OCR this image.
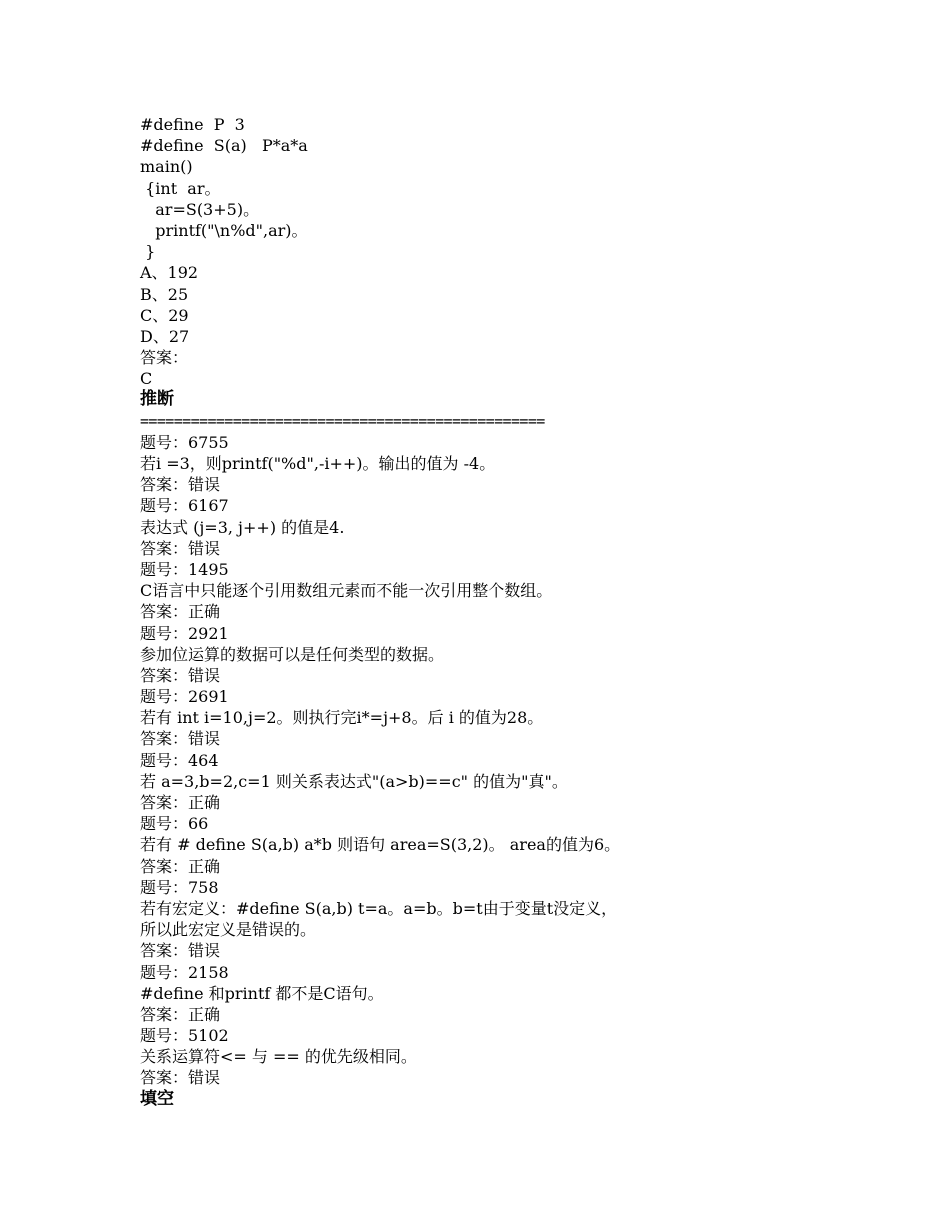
#define  P  3
#define  S(a)   P*a*a
main()
{int  ar。
ar=S(3+5)。
printf("\n%d",ar)。
}
A、192
B、25
C、29
D、27
答案：
C
推断
================================================
题号：6755
若i =3，则printf("%d",-i++)。输出的值为 -4。
答案：错误
题号：6167
表达式 (j=3, j++) 的值是4.
答案：错误
题号：1495
C语言中只能逐个引用数组元素而不能一次引用整个数组。
答案：正确
题号：2921
参加位运算的数据可以是任何类型的数据。
答案：错误
题号：2691
若有 int i=10,j=2。则执行完i*=j+8。后 i 的值为28。
答案：错误
题号：464
若 a=3,b=2,c=1 则关系表达式"(a>b)==c" 的值为"真"。
答案：正确
题号：66
若有 # define S(a,b) a*b 则语句 area=S(3,2)。 area的值为6。
答案：正确
题号：758
若有宏定义：#define S(a,b) t=a。a=b。b=t由于变量t没定义，
所以此宏定义是错误的。
答案：错误
题号：2158
#define 和printf 都不是C语句。
答案：正确
题号：5102
关系运算符<= 与 == 的优先级相同。
答案：错误
填空
